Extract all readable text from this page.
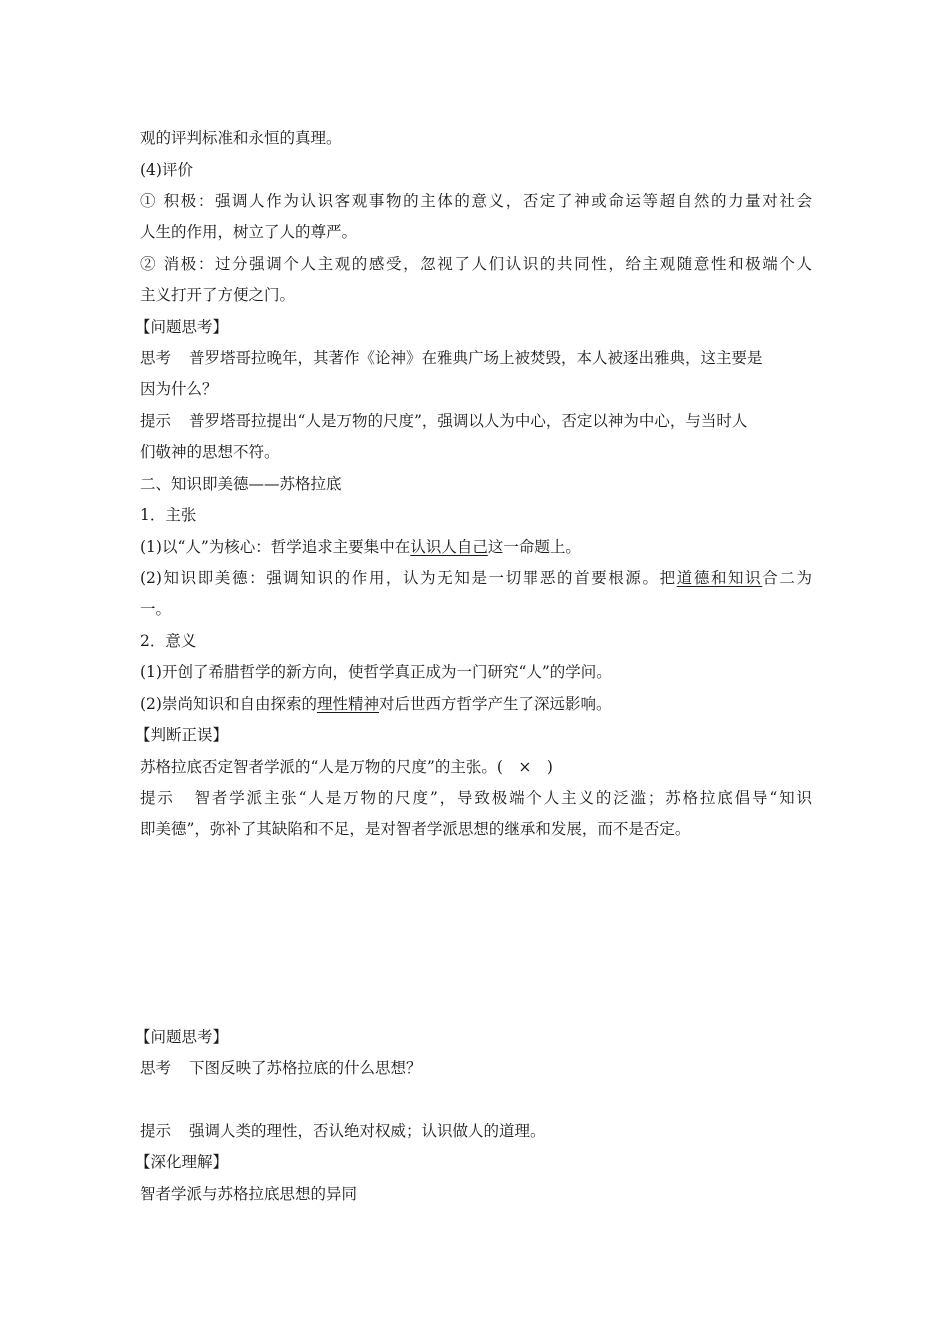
观的评判标准和永恒的真理。
(4)评价
① 积极：强调人作为认识客观事物的主体的意义，否定了神或命运等超自然的力量对社会
人生的作用，树立了人的尊严。
② 消极：过分强调个人主观的感受，忽视了人们认识的共同性，给主观随意性和极端个人
主义打开了方便之门。
【问题思考】
思考 普罗塔哥拉晚年，其著作《论神》在雅典广场上被焚毁，本人被逐出雅典，这主要是
因为什么？
提示 普罗塔哥拉提出“人是万物的尺度”，强调以人为中心，否定以神为中心，与当时人
们敬神的思想不符。
二、知识即美德——苏格拉底
1．主张
(1)以“人”为核心：哲学追求主要集中在认识人自己这一命题上。
(2)知识即美德：强调知识的作用，认为无知是一切罪恶的首要根源。把道德和知识合二为
一。
2．意义
(1)开创了希腊哲学的新方向，使哲学真正成为一门研究“人”的学问。
(2)崇尚知识和自由探索的理性精神对后世西方哲学产生了深远影响。
【判断正误】
苏格拉底否定智者学派的“人是万物的尺度”的主张。(　×　)
提示 智者学派主张“人是万物的尺度”，导致极端个人主义的泛滥；苏格拉底倡导“知识
即美德”，弥补了其缺陷和不足，是对智者学派思想的继承和发展，而不是否定。
【问题思考】
思考 下图反映了苏格拉底的什么思想？
提示 强调人类的理性，否认绝对权威；认识做人的道理。
【深化理解】
智者学派与苏格拉底思想的异同
